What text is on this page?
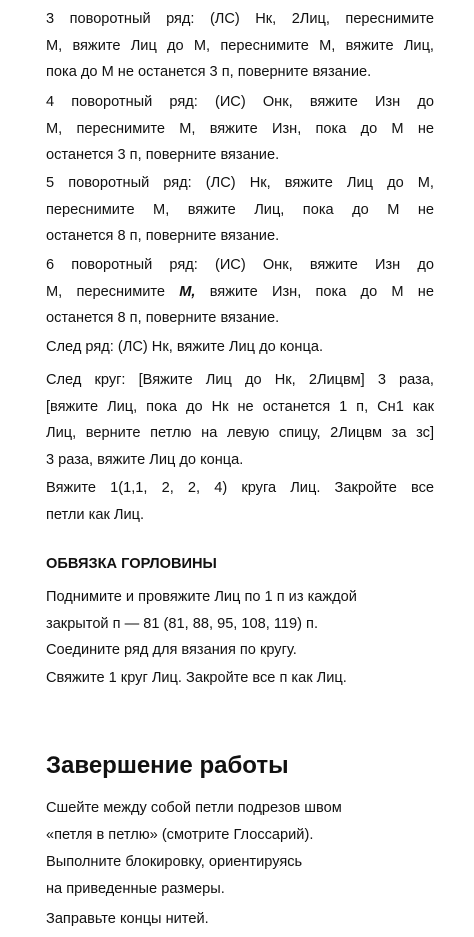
3 поворотный ряд: (ЛС) Нк, 2Лиц, переснимите
М, вяжите Лиц до М, переснимите М, вяжите Лиц,
пока до М не останется 3 п, поверните вязание.

4 поворотный ряд: (ИС) Онк, вяжите Изн до
М, переснимите М, вяжите Изн, пока до М не
останется 3 п, поверните вязание.

5 поворотный ряд: (ЛС) Нк, вяжите Лиц до М,
переснимите М, вяжите Лиц, пока до М не
останется 8 п, поверните вязание.

6 поворотный ряд: (ИС) Онк, вяжите Изн до
М, переснимите М, вяжите Изн, пока до М не
останется 8 п, поверните вязание.

След ряд: (ЛС) Нк, вяжите Лиц до конца.

След круг: [Вяжите Лиц до Нк, 2Лицвм] 3 раза,
[вяжите Лиц, пока до Нк не останется 1 п, Сн1 как
Лиц, верните петлю на левую спицу, 2Лицвм за зс]
3 раза, вяжите Лиц до конца.

Вяжите 1(1,1, 2, 2, 4) круга Лиц. Закройте все
петли как Лиц.

ОБВЯЗКА ГОРЛОВИНЫ

Поднимите и провяжите Лиц по 1 п из каждой
закрытой п — 81 (81, 88, 95, 108, 119) п.
Соедините ряд для вязания по кругу.

Свяжите 1 круг Лиц. Закройте все п как Лиц.

Завершение работы

Сшейте между собой петли подрезов швом
«петля в петлю» (смотрите Глоссарий).

Выполните блокировку, ориентируясь
на приведенные размеры.

Заправьте концы нитей.
